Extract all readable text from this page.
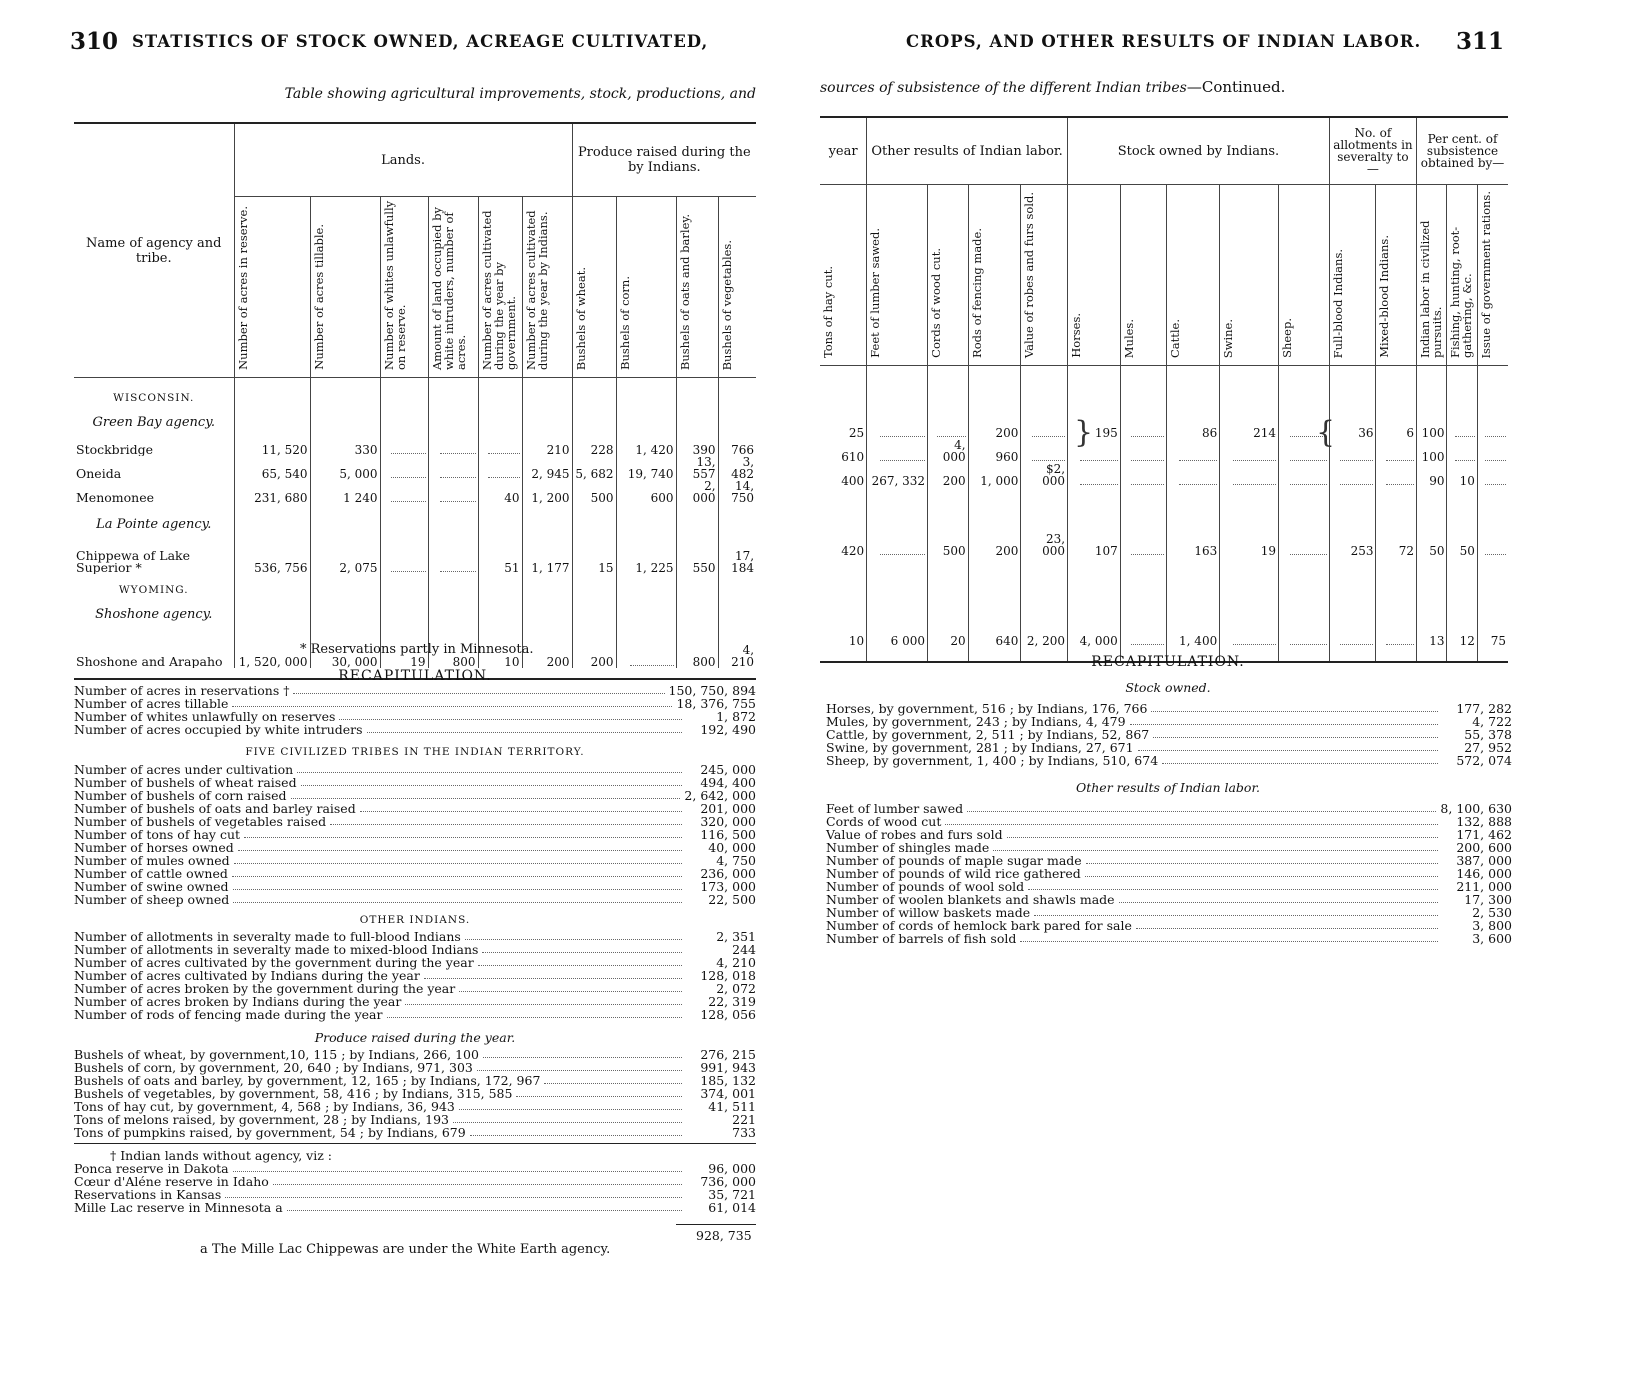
310 STATISTICS OF STOCK OWNED, ACREAGE CULTIVATED,
Table showing agricultural improvements, stock, productions, and
Name of agency and tribe.	Lands.						Produce raised during the by Indians.			
	Number of acres in reserve.	Number of acres tillable.	Number of whites unlawfully on reserve.	Amount of land occupied by white intruders, number of acres.	Number of acres cultivated during the year by government.	Number of acres cultivated during the year by Indians.	Bushels of wheat.	Bushels of corn.	Bushels of oats and barley.	Bushels of vegetables.
WISCONSIN.										
Green Bay agency.										
Stockbridge	11, 520	330				210	228	1, 420	390	766
Oneida	65, 540	5, 000				2, 945	5, 682	19, 740	13, 557	3, 482
Menomonee	231, 680	1 240			40	1, 200	500	600	2, 000	14, 750
La Pointe agency.										
Chippewa of Lake Superior *	536, 756	2, 075			51	1, 177	15	1, 225	550	17, 184
WYOMING.										
Shoshone agency.										
Shoshone and Arapaho	1, 520, 000	30, 000	19	800	10	200	200		800	4, 210

* Reservations partly in Minnesota.
RECAPITULATION.
Number of acres in reservations †	150, 750, 894
Number of acres tillable	18, 376, 755
Number of whites unlawfully on reserves	1, 872
Number of acres occupied by white intruders	192, 490
FIVE CIVILIZED TRIBES IN THE INDIAN TERRITORY.
Number of acres under cultivation	245, 000
Number of bushels of wheat raised	494, 400
Number of bushels of corn raised	2, 642, 000
Number of bushels of oats and barley raised	201, 000
Number of bushels of vegetables raised	320, 000
Number of tons of hay cut	116, 500
Number of horses owned	40, 000
Number of mules owned	4, 750
Number of cattle owned	236, 000
Number of swine owned	173, 000
Number of sheep owned	22, 500
OTHER INDIANS.
Number of allotments in severalty made to full-blood Indians	2, 351
Number of allotments in severalty made to mixed-blood Indians	244
Number of acres cultivated by the government during the year	4, 210
Number of acres cultivated by Indians during the year	128, 018
Number of acres broken by the government during the year	2, 072
Number of acres broken by Indians during the year	22, 319
Number of rods of fencing made during the year	128, 056
Produce raised during the year.
Bushels of wheat, by government,10, 115 ; by Indians, 266, 100	276, 215
Bushels of corn, by government, 20, 640 ; by Indians, 971, 303	991, 943
Bushels of oats and barley, by government, 12, 165 ; by Indians, 172, 967	185, 132
Bushels of vegetables, by government, 58, 416 ; by Indians, 315, 585	374, 001
Tons of hay cut, by government, 4, 568 ; by Indians, 36, 943	41, 511
Tons of melons raised, by government, 28 ; by Indians, 193	221
Tons of pumpkins raised, by government, 54 ; by Indians, 679	733
† Indian lands without agency, viz :
Ponca reserve in Dakota	96, 000
Cœur d'Aléne reserve in Idaho	736, 000
Reservations in Kansas	35, 721
Mille Lac reserve in Minnesota a	61, 014
928, 735
a The Mille Lac Chippewas are under the White Earth agency.
CROPS, AND OTHER RESULTS OF INDIAN LABOR. 311
sources of subsistence of the different Indian tribes—Continued.
year	Other results of Indian labor.				Stock owned by Indians.					No. of allotments in severalty to—		Per cent. of subsistence obtained by—		
Tons of hay cut.	Feet of lumber sawed.	Cords of wood cut.	Rods of fencing made.	Value of robes and furs sold.	Horses.	Mules.	Cattle.	Swine.	Sheep.	Full-blood Indians.	Mixed-blood Indians.	Indian labor in civilized pursuits.	Fishing, hunting, root-gathering, &c.	Issue of government rations.

25			200		195		86	214		36	6	100		
610		4, 000	960									100		
400	267, 332	200	1, 000	$2, 000								90	10	
420		500	200	23, 000	107		163	19		253	72	50	50	
10	6 000	20	640	2, 200	4, 000		1, 400					13	12	75

}	{
RECAPITULATION.
Stock owned.
Other results of Indian labor.
Horses, by government, 516 ; by Indians, 176, 766	177, 282
Mules, by government, 243 ; by Indians, 4, 479	4, 722
Cattle, by government, 2, 511 ; by Indians, 52, 867	55, 378
Swine, by government, 281 ; by Indians, 27, 671	27, 952
Sheep, by government, 1, 400 ; by Indians, 510, 674	572, 074
Feet of lumber sawed	8, 100, 630
Cords of wood cut	132, 888
Value of robes and furs sold	171, 462
Number of shingles made	200, 600
Number of pounds of maple sugar made	387, 000
Number of pounds of wild rice gathered	146, 000
Number of pounds of wool sold	211, 000
Number of woolen blankets and shawls made	17, 300
Number of willow baskets made	2, 530
Number of cords of hemlock bark pared for sale	3, 800
Number of barrels of fish sold	3, 600
